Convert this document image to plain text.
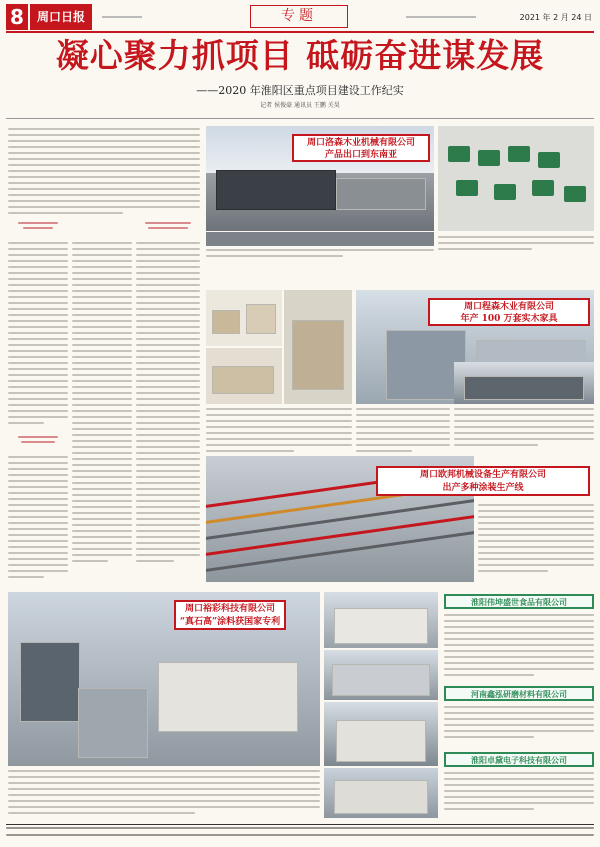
8	周口日报	专题	2021 年 2 月 24 日
凝心聚力抓项目 砥砺奋进谋发展
——2020 年淮阳区重点项目建设工作纪实
记者 侯俊豪 通讯员 王鹏 关昊
周口洛森木业机械有限公司
产品出口到东南亚
周口程森木业有限公司
年产 100 万套实木家具
周口欧邦机械设备生产有限公司
出产多种涂装生产线
周口裕彩科技有限公司
“真石高”涂料获国家专利
淮阳伟坤盛世食品有限公司
河南鑫泓研磨材料有限公司
淮阳卓黛电子科技有限公司
